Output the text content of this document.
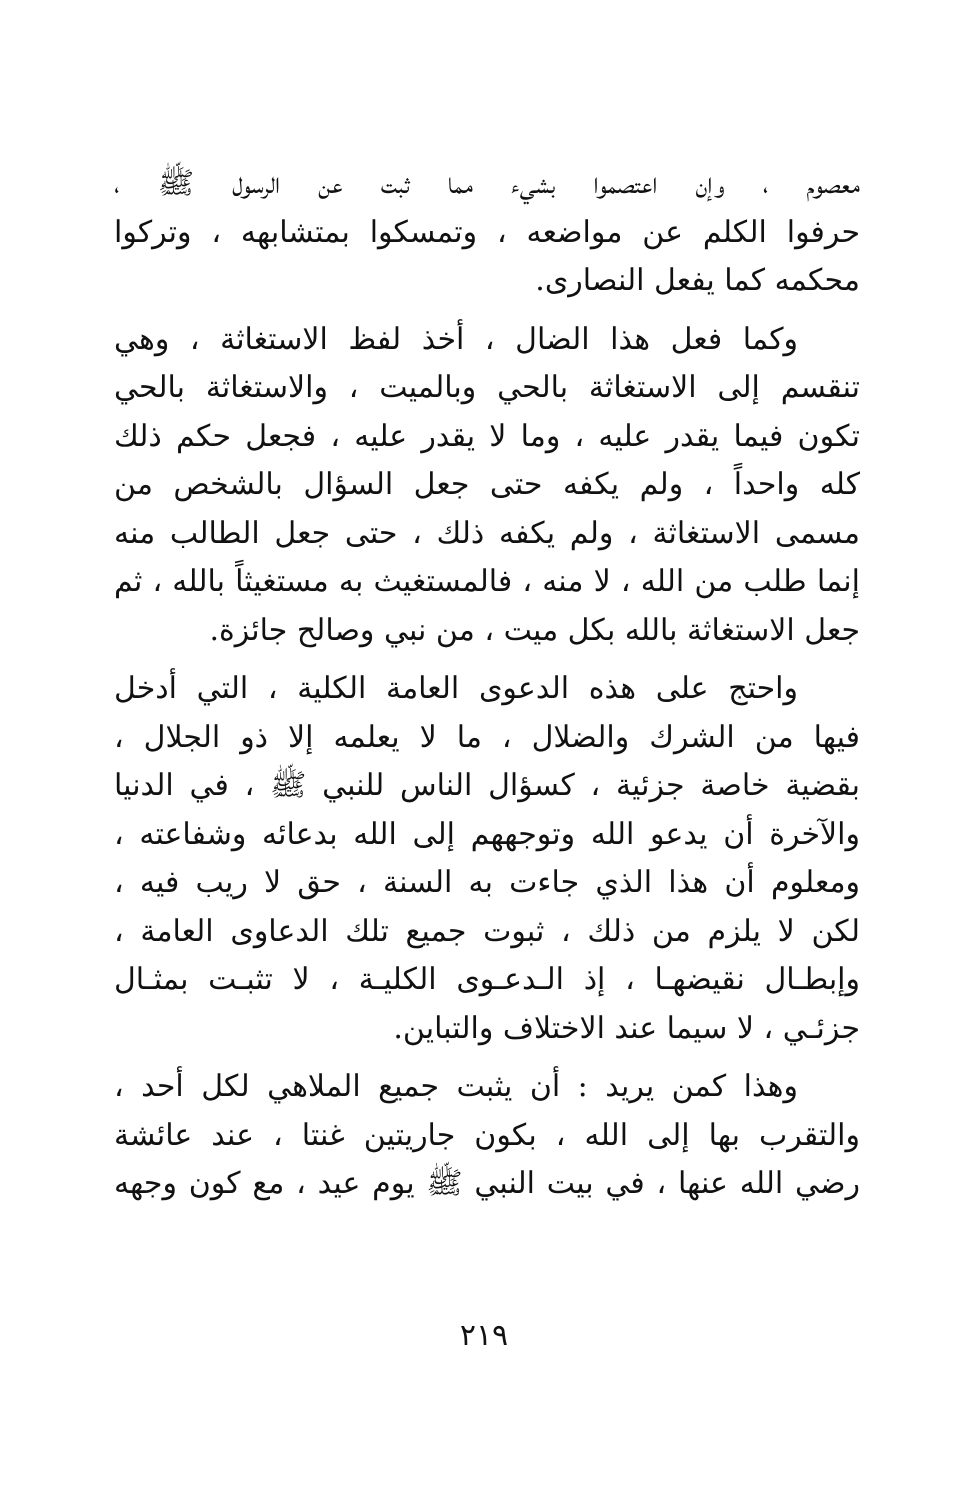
معصوم ، وإن اعتصموا بشيء مما ثبت عن الرسول ﷺ ،
حرفوا الكلم عن مواضعه ، وتمسكوا بمتشابهه ، وتركوا
محكمه كما يفعل النصارى.
وكما فعل هذا الضال ، أخذ لفظ الاستغاثة ، وهي
تنقسم إلى الاستغاثة بالحي وبالميت ، والاستغاثة بالحي
تكون فيما يقدر عليه ، وما لا يقدر عليه ، فجعل حكم ذلك
كله واحداً ، ولم يكفه حتى جعل السؤال بالشخص من
مسمى الاستغاثة ، ولم يكفه ذلك ، حتى جعل الطالب منه
إنما طلب من الله ، لا منه ، فالمستغيث به مستغيثاً بالله ، ثم
جعل الاستغاثة بالله بكل ميت ، من نبي وصالح جائزة.
واحتج على هذه الدعوى العامة الكلية ، التي أدخل
فيها من الشرك والضلال ، ما لا يعلمه إلا ذو الجلال ،
بقضية خاصة جزئية ، كسؤال الناس للنبي ﷺ ، في الدنيا
والآخرة أن يدعو الله وتوجههم إلى الله بدعائه وشفاعته ،
ومعلوم أن هذا الذي جاءت به السنة ، حق لا ريب فيه ،
لكن لا يلزم من ذلك ، ثبوت جميع تلك الدعاوى العامة ،
وإبطـال نقيضهـا ، إذ الـدعـوى الكليـة ، لا تثبـت بمثـال
جزئـي ، لا سيما عند الاختلاف والتباين.
وهذا كمن يريد : أن يثبت جميع الملاهي لكل أحد ،
والتقرب بها إلى الله ، بكون جاريتين غنتا ، عند عائشة
رضي الله عنها ، في بيت النبي ﷺ يوم عيد ، مع كون وجهه
٢١٩
